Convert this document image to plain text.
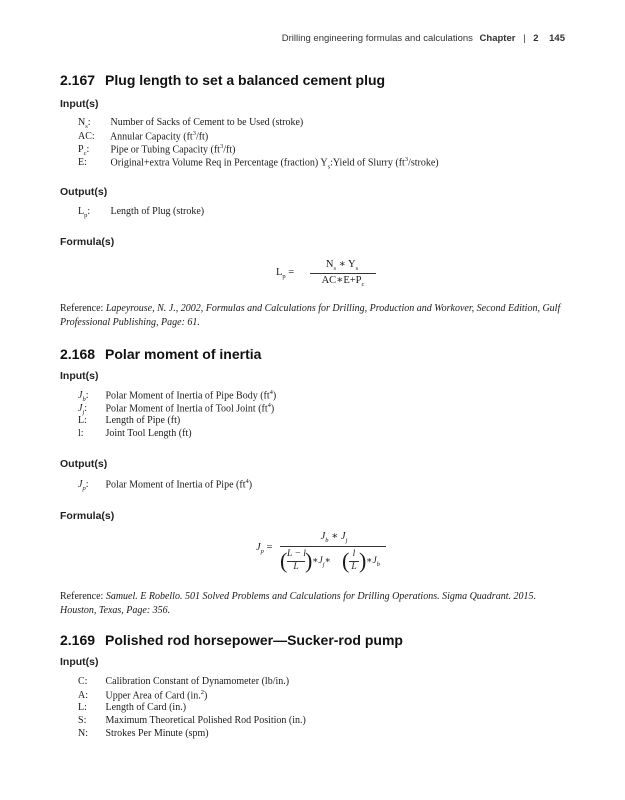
Drilling engineering formulas and calculations Chapter | 2 145
2.167 Plug length to set a balanced cement plug
Input(s)
$N_s$: Number of Sacks of Cement to be Used (stroke)
AC: Annular Capacity $(ft^3/ft)$
$P_c$: Pipe or Tubing Capacity $(ft^3/ft)$
E: Original+extra Volume Req in Percentage (fraction) $Y_s:Yield$ of Slurry $(ft^3/stroke)$
Output(s)
$L_p$: Length of Plug (stroke)
Formula(s)
$L_p$ =
$N_s$ ∗ $Y_s$
$AC∗E+P_c$
Reference: Lapeyrouse, N. J., 2002, Formulas and Calculations for Drilling, Production and Workover, Second Edition, Gulf Professional Publishing, Page: 61.
2.168 Polar moment of inertia
Input(s)
$J_b$: Polar Moment of Inertia of Pipe Body $(ft^4)$
$J_j$: Polar Moment of Inertia of Tool Joint $(ft^4)$
L: Length of Pipe (ft)
l: Joint Tool Length (ft)
Output(s)
$J_p$: Polar Moment of Inertia of Pipe $(ft^4)$
Formula(s)
$J_p$ =
$J_b$ ∗ $J_j$
( L − l
L ) $∗J_j∗$ ( l
L ) $∗J_b$
Reference: Samuel. E Robello. 501 Solved Problems and Calculations for Drilling Operations. Sigma Quadrant. 2015. Houston, Texas, Page: 356.
2.169 Polished rod horsepower—Sucker-rod pump
Input(s)
C: Calibration Constant of Dynamometer (lb/in.)
A: Upper Area of Card (in.$^2$)
L: Length of Card (in.)
S: Maximum Theoretical Polished Rod Position (in.)
N: Strokes Per Minute (spm)
